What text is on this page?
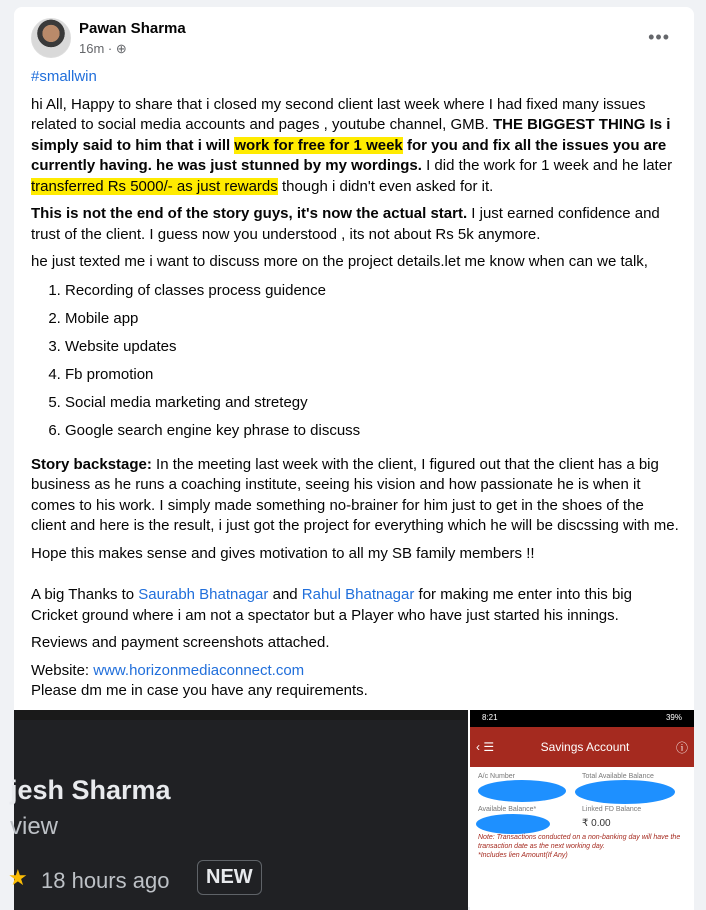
Pawan Sharma
16m · ⊕
•••

#smallwin

hi All, Happy to share that i closed my second client last week where I had fixed many issues related to social media accounts and pages , youtube channel, GMB. THE BIGGEST THING Is i simply said to him that i will work for free for 1 week for you and fix all the issues you are currently having. he was just stunned by my wordings. I did the work for 1 week and he later transferred Rs 5000/- as just rewards though i didn't even asked for it.

This is not the end of the story guys, it's now the actual start. I just earned confidence and trust of the client. I guess now you understood , its not about Rs 5k anymore.

he just texted me i want to discuss more on the project details.let me know when can we talk,

1. Recording of classes process guidence
2. Mobile app
3. Website updates
4. Fb promotion
5. Social media marketing and stretegy
6. Google search engine key phrase to discuss

Story backstage: In the meeting last week with the client, I figured out that the client has a big business as he runs a coaching institute, seeing his vision and how passionate he is when it comes to his work. I simply made something no-brainer for him just to get in the shoes of the client and here is the result, i just got the project for everything which he will be discssing with me.

Hope this makes sense and gives motivation to all my SB family members !!

A big Thanks to Saurabh Bhatnagar and Rahul Bhatnagar for making me enter into this big Cricket ground where i am not a spectator but a Player who have just started his innings.

Reviews and payment screenshots attached.

Website: www.horizonmediaconnect.com

Please dm me in case you have any requirements.

jesh Sharma
view
★ 18 hours ago	NEW
8:21	39%
‹ ☰	Savings Account	ⓘ
A/c Number	Total Available Balance
Available Balance*	Linked FD Balance
₹ 0.00
Note: Transactions conducted on a non-banking day will have the transaction date as the next working day.
*Includes lien Amount(If Any)
